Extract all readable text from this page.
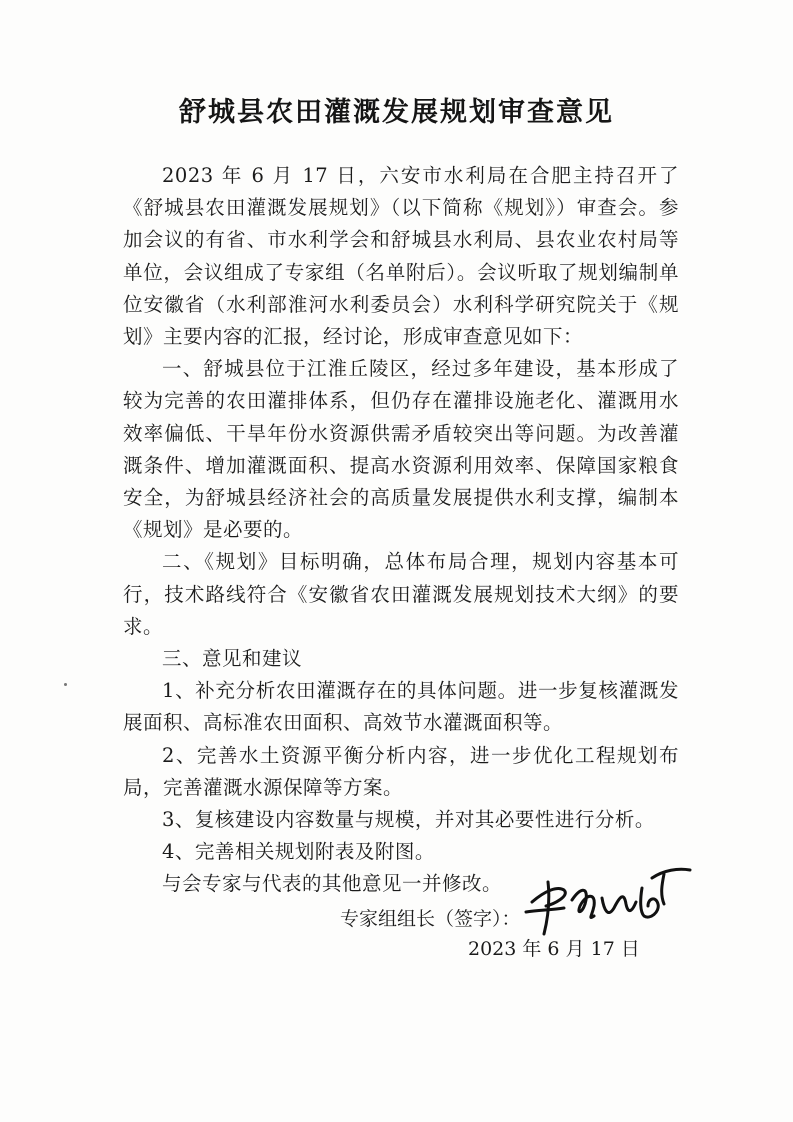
舒城县农田灌溉发展规划审查意见

2023 年 6 月 17 日，六安市水利局在合肥主持召开了《舒城县农田灌溉发展规划》（以下简称《规划》）审查会。参加会议的有省、市水利学会和舒城县水利局、县农业农村局等单位，会议组成了专家组（名单附后）。会议听取了规划编制单位安徽省（水利部淮河水利委员会）水利科学研究院关于《规划》主要内容的汇报，经讨论，形成审查意见如下：

一、舒城县位于江淮丘陵区，经过多年建设，基本形成了较为完善的农田灌排体系，但仍存在灌排设施老化、灌溉用水效率偏低、干旱年份水资源供需矛盾较突出等问题。为改善灌溉条件、增加灌溉面积、提高水资源利用效率、保障国家粮食安全，为舒城县经济社会的高质量发展提供水利支撑，编制本《规划》是必要的。

二、《规划》目标明确，总体布局合理，规划内容基本可行，技术路线符合《安徽省农田灌溉发展规划技术大纲》的要求。

三、意见和建议

1、补充分析农田灌溉存在的具体问题。进一步复核灌溉发展面积、高标准农田面积、高效节水灌溉面积等。

2、完善水土资源平衡分析内容，进一步优化工程规划布局，完善灌溉水源保障等方案。

3、复核建设内容数量与规模，并对其必要性进行分析。

4、完善相关规划附表及附图。

与会专家与代表的其他意见一并修改。

专家组组长（签字）：
2023 年 6 月 17 日
